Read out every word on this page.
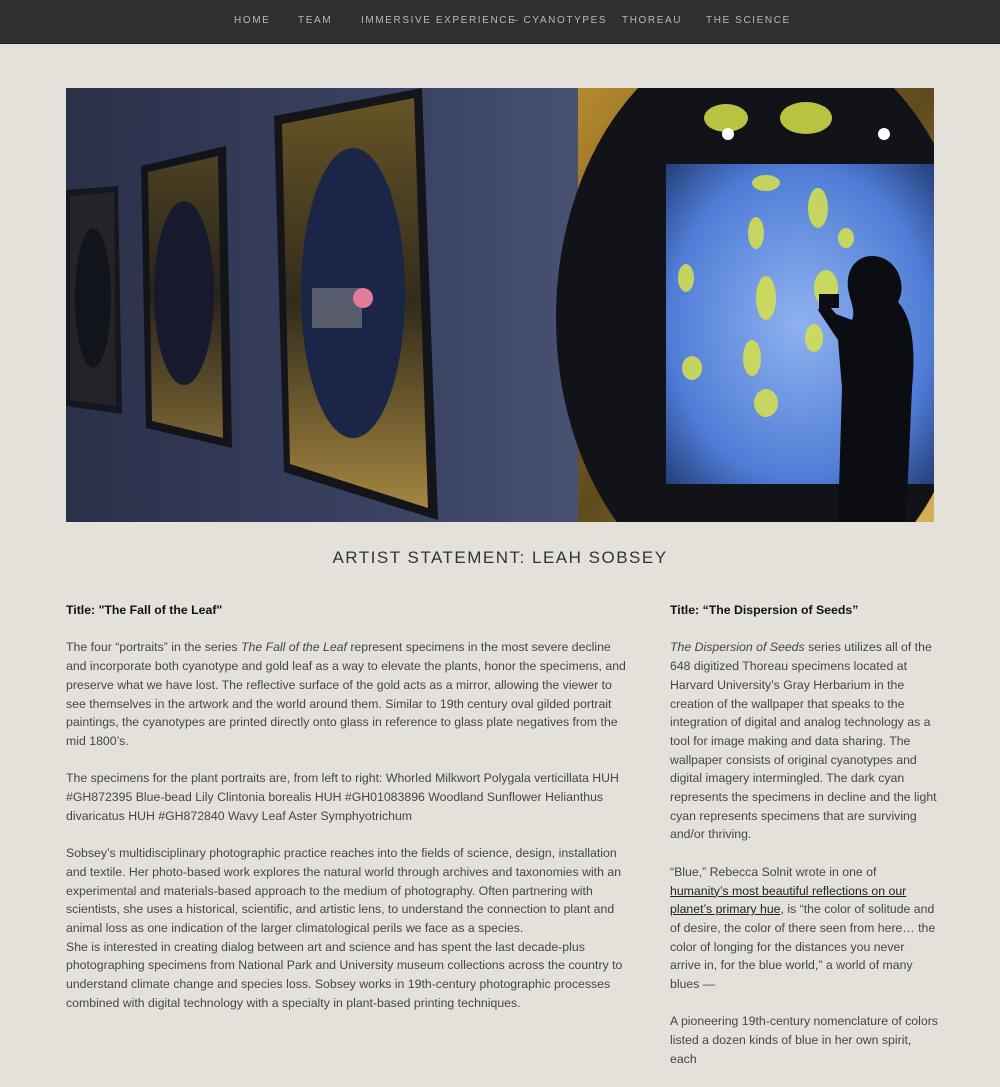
HOME	TEAM	IMMERSIVE EXPERIENCE
– CYANOTYPES THOREAU THE SCIENCE
ARTIST STATEMENT: LEAH SOBSEY

Title: "The Fall of the Leaf"

The four “portraits” in the series The Fall of the Leaf represent specimens in the most severe decline and incorporate both cyanotype and gold leaf as a way to elevate the plants, honor the specimens, and preserve what we have lost. The reflective surface of the gold acts as a mirror, allowing the viewer to see themselves in the artwork and the world around them. Similar to 19th century oval gilded portrait paintings, the cyanotypes are printed directly onto glass in reference to glass plate negatives from the mid 1800’s.

The specimens for the plant portraits are, from left to right: Whorled Milkwort Polygala verticillata HUH #GH872395 Blue-bead Lily Clintonia borealis HUH #GH01083896 Woodland Sunflower Helianthus divaricatus HUH #GH872840 Wavy Leaf Aster Symphyotrichum

Sobsey’s multidisciplinary photographic practice reaches into the fields of science, design, installation and textile. Her photo-based work explores the natural world through archives and taxonomies with an experimental and materials-based approach to the medium of photography. Often partnering with scientists, she uses a historical, scientific, and artistic lens, to understand the connection to plant and animal loss as one indication of the larger climatological perils we face as a species.

She is interested in creating dialog between art and science and has spent the last decade-plus photographing specimens from National Park and University museum collections across the country to understand climate change and species loss. Sobsey works in 19th-century photographic processes combined with digital technology with a specialty in plant-based printing techniques.

Title: “The Dispersion of Seeds”

The Dispersion of Seeds series utilizes all of the 648 digitized Thoreau specimens located at Harvard University’s Gray Herbarium in the creation of the wallpaper that speaks to the integration of digital and analog technology as a tool for image making and data sharing. The wallpaper consists of original cyanotypes and digital imagery intermingled. The dark cyan represents the specimens in decline and the light cyan represents specimens that are surviving and/or thriving.

“Blue,” Rebecca Solnit wrote in one of humanity’s most beautiful reflections on our planet’s primary hue, is “the color of solitude and of desire, the color of there seen from here… the color of longing for the distances you never arrive in, for the blue world,” a world of many blues —

A pioneering 19th-century nomenclature of colors listed a dozen kinds of blue in her own spirit, each
